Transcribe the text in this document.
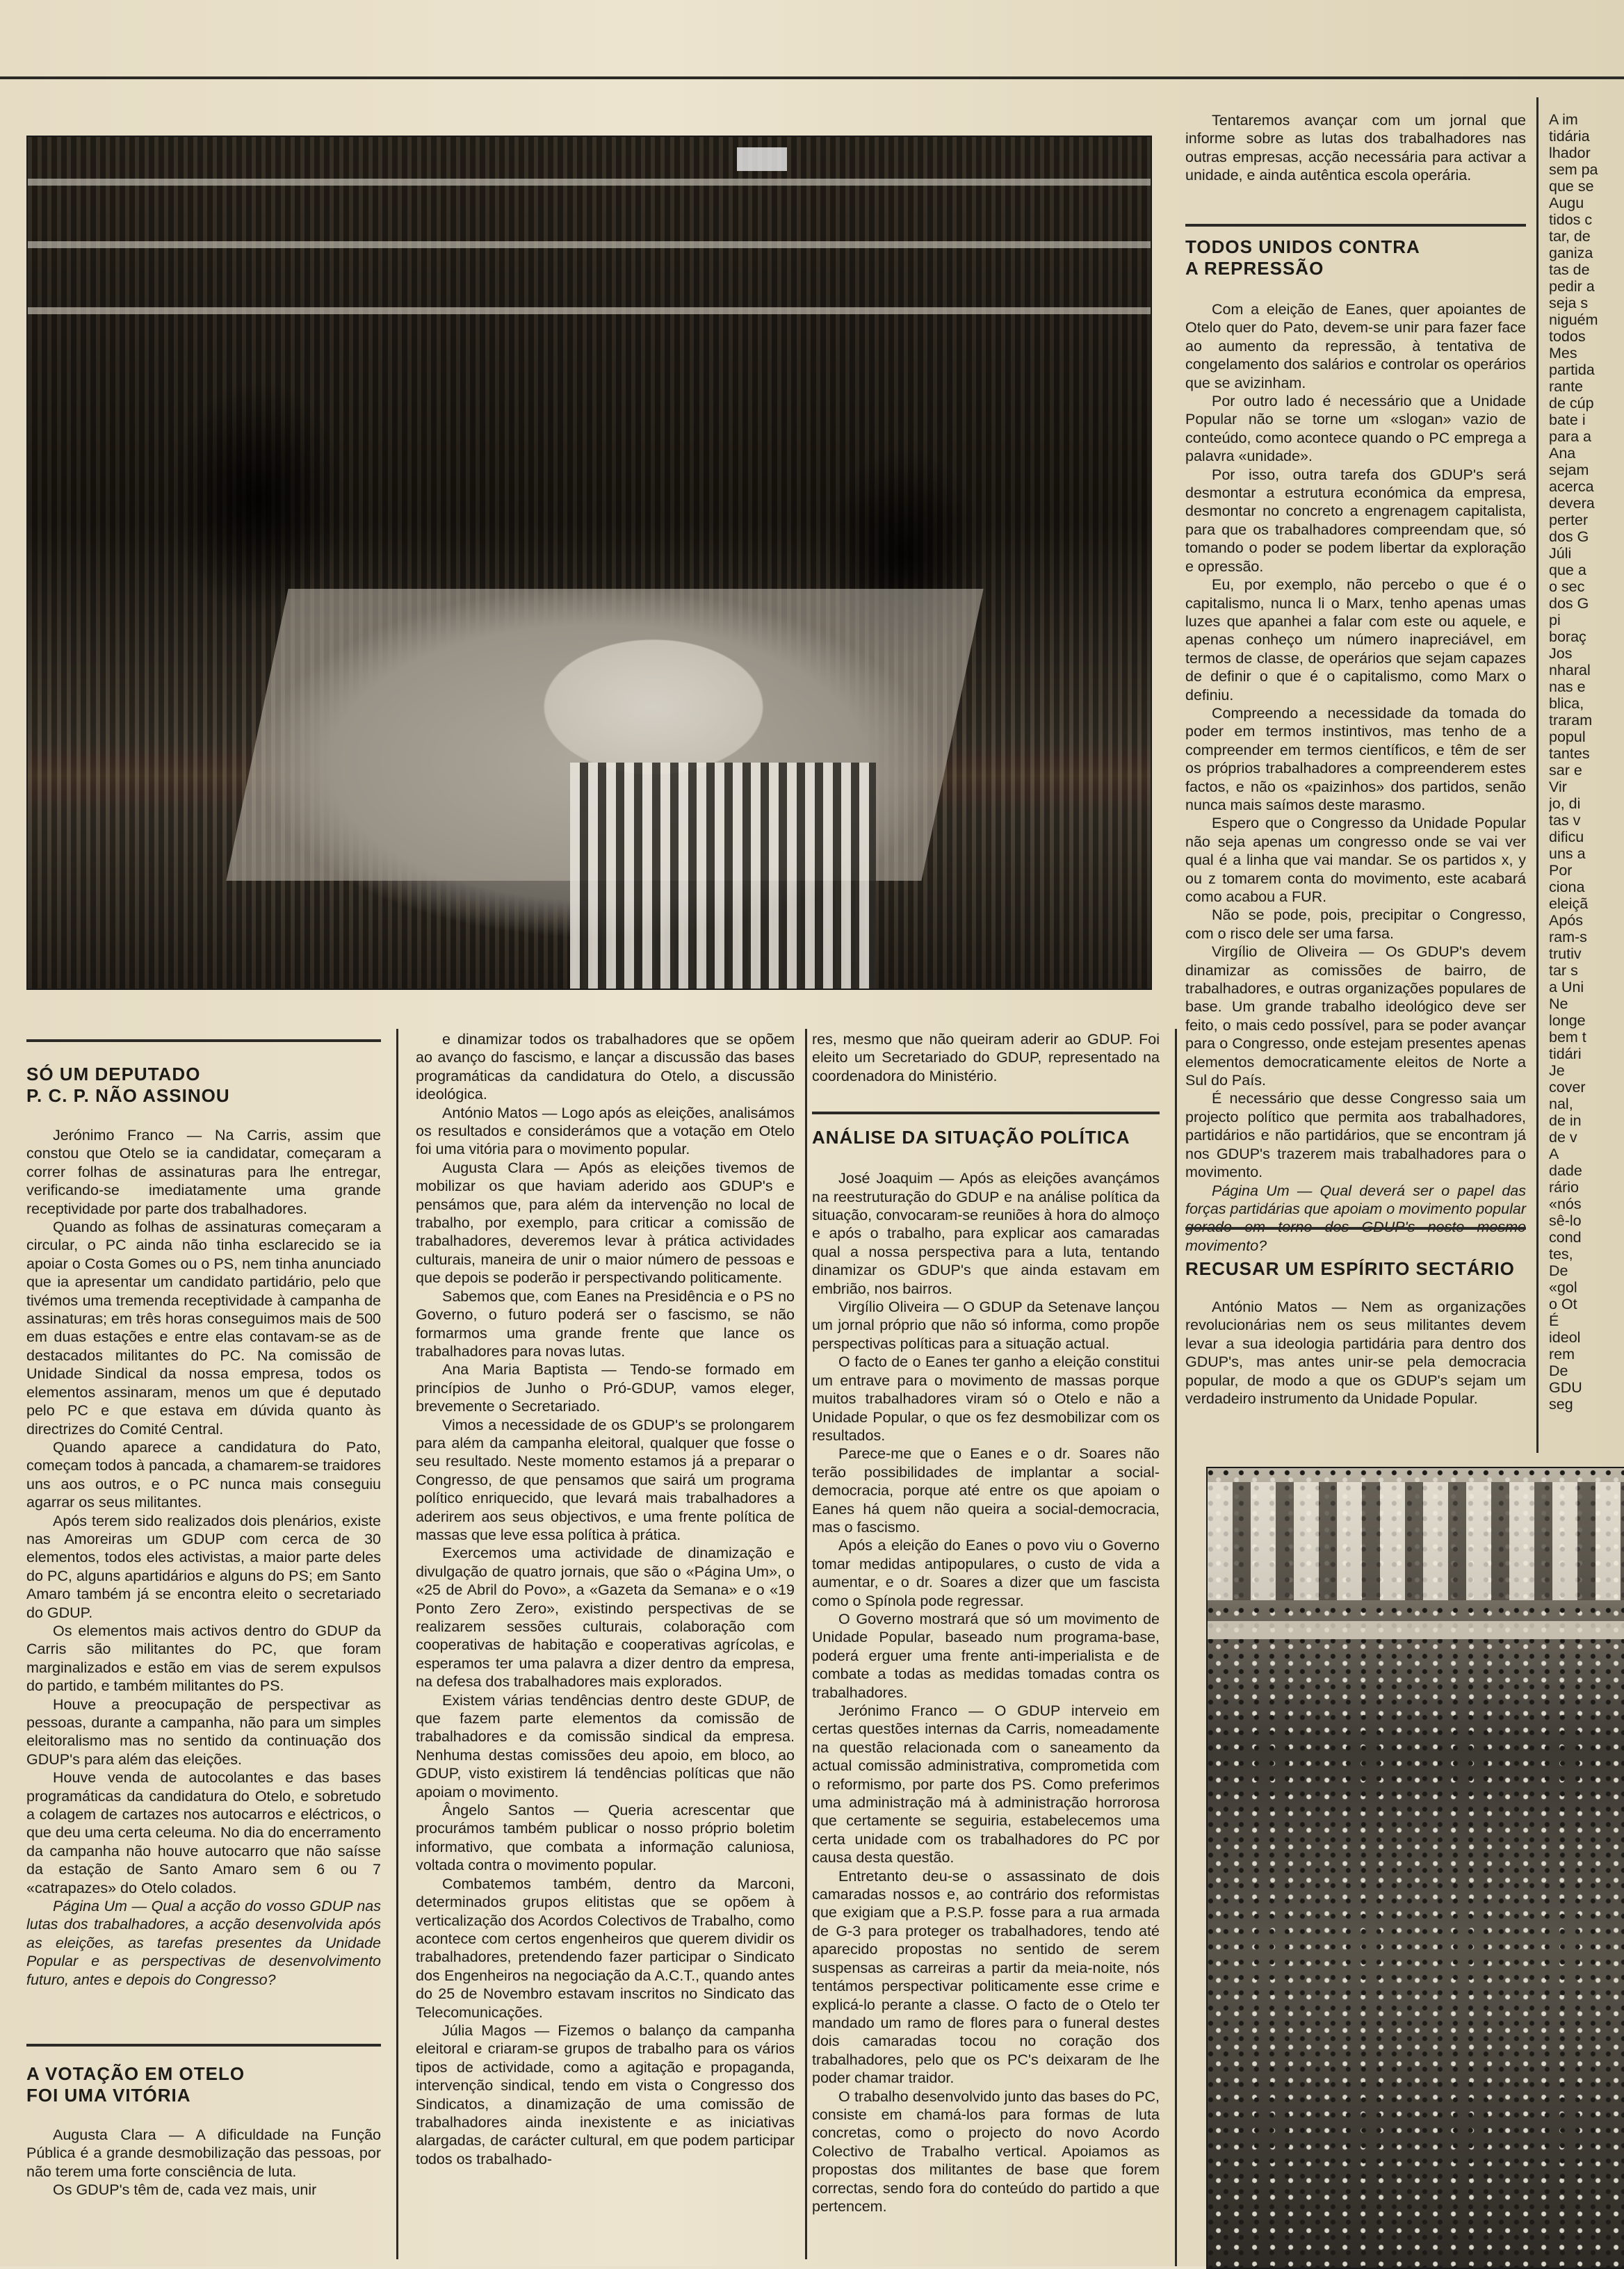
Tentaremos avançar com um jornal que informe sobre as lutas dos trabalhadores nas outras empresas, acção necessária para activar a unidade, e ainda autêntica escola operária.

TODOS UNIDOS CONTRA
A REPRESSÃO

Com a eleição de Eanes, quer apoiantes de Otelo quer do Pato, devem-se unir para fazer face ao aumento da repressão, à tentativa de congelamento dos salários e controlar os operários que se avizinham.

Por outro lado é necessário que a Unidade Popular não se torne um «slogan» vazio de conteúdo, como acontece quando o PC emprega a palavra «unidade».

Por isso, outra tarefa dos GDUP's será desmontar a estrutura económica da empresa, desmontar no concreto a engrenagem capitalista, para que os trabalhadores compreendam que, só tomando o poder se podem libertar da exploração e opressão.

Eu, por exemplo, não percebo o que é o capitalismo, nunca li o Marx, tenho apenas umas luzes que apanhei a falar com este ou aquele, e apenas conheço um número inapreciável, em termos de classe, de operários que sejam capazes de definir o que é o capitalismo, como Marx o definiu.

Compreendo a necessidade da tomada do poder em termos instintivos, mas tenho de a compreender em termos científicos, e têm de ser os próprios trabalhadores a compreenderem estes factos, e não os «paizinhos» dos partidos, senão nunca mais saímos deste marasmo.

Espero que o Congresso da Unidade Popular não seja apenas um congresso onde se vai ver qual é a linha que vai mandar. Se os partidos x, y ou z tomarem conta do movimento, este acabará como acabou a FUR.

Não se pode, pois, precipitar o Congresso, com o risco dele ser uma farsa.

Virgílio de Oliveira — Os GDUP's devem dinamizar as comissões de bairro, de trabalhadores, e outras organizações populares de base. Um grande trabalho ideológico deve ser feito, o mais cedo possível, para se poder avançar para o Congresso, onde estejam presentes apenas elementos democraticamente eleitos de Norte a Sul do País.

É necessário que desse Congresso saia um projecto político que permita aos trabalhadores, partidários e não partidários, que se encontram já nos GDUP's trazerem mais trabalhadores para o movimento.

Página Um — Qual deverá ser o papel das forças partidárias que apoiam o movimento popular movimento?

RECUSAR UM ESPÍRITO SECTÁRIO

António Matos — Nem as organizações revolucionárias nem os seus militantes devem levar a sua ideologia partidária para dentro dos GDUP's, mas antes unir-se pela democracia popular, de modo a que os GDUP's sejam um verdadeiro instrumento da Unidade Popular.

SÓ UM DEPUTADO
P. C. P. NÃO ASSINOU

Jerónimo Franco — Na Carris, assim que constou que Otelo se ia candidatar, começaram a correr folhas de assinaturas para lhe entregar, verificando-se imediatamente uma grande receptividade por parte dos trabalhadores.

Quando as folhas de assinaturas começaram a circular, o PC ainda não tinha esclarecido se ia apoiar o Costa Gomes ou o PS, nem tinha anunciado que ia apresentar um candidato partidário, pelo que tivémos uma tremenda receptividade à campanha de assinaturas; em três horas conseguimos mais de 500 em duas estações e entre elas contavam-se as de destacados militantes do PC. Na comissão de Unidade Sindical da nossa empresa, todos os elementos assinaram, menos um que é deputado pelo PC e que estava em dúvida quanto às directrizes do Comité Central.

Quando aparece a candidatura do Pato, começam todos à pancada, a chamarem-se traidores uns aos outros, e o PC nunca mais conseguiu agarrar os seus militantes.

Após terem sido realizados dois plenários, existe nas Amoreiras um GDUP com cerca de 30 elementos, todos eles activistas, a maior parte deles do PC, alguns apartidários e alguns do PS; em Santo Amaro também já se encontra eleito o secretariado do GDUP.

Os elementos mais activos dentro do GDUP da Carris são militantes do PC, que foram marginalizados e estão em vias de serem expulsos do partido, e também militantes do PS.

Houve a preocupação de perspectivar as pessoas, durante a campanha, não para um simples eleitoralismo mas no sentido da continuação dos GDUP's para além das eleições.

Houve venda de autocolantes e das bases programáticas da candidatura do Otelo, e sobretudo a colagem de cartazes nos autocarros e eléctricos, o que deu uma certa celeuma. No dia do encerramento da campanha não houve autocarro que não saísse da estação de Santo Amaro sem 6 ou 7 «catrapazes» do Otelo colados.

Página Um — Qual a acção do vosso GDUP nas lutas dos trabalhadores, a acção desenvolvida após as eleições, as tarefas presentes da Unidade Popular e as perspectivas de desenvolvimento futuro, antes e depois do Congresso?

A VOTAÇÃO EM OTELO
FOI UMA VITÓRIA

Augusta Clara — A dificuldade na Função Pública é a grande desmobilização das pessoas, por não terem uma forte consciência de luta.

Os GDUP's têm de, cada vez mais, unir

e dinamizar todos os trabalhadores que se opõem ao avanço do fascismo, e lançar a discussão das bases programáticas da candidatura do Otelo, a discussão ideológica.

António Matos — Logo após as eleições, analisámos os resultados e considerámos que a votação em Otelo foi uma vitória para o movimento popular.

Augusta Clara — Após as eleições tivemos de mobilizar os que haviam aderido aos GDUP's e pensámos que, para além da intervenção no local de trabalho, por exemplo, para criticar a comissão de trabalhadores, deveremos levar à prática actividades culturais, maneira de unir o maior número de pessoas e que depois se poderão ir perspectivando politicamente.

Sabemos que, com Eanes na Presidência e o PS no Governo, o futuro poderá ser o fascismo, se não formarmos uma grande frente que lance os trabalhadores para novas lutas.

Ana Maria Baptista — Tendo-se formado em princípios de Junho o Pró-GDUP, vamos eleger, brevemente o Secretariado.

Vimos a necessidade de os GDUP's se prolongarem para além da campanha eleitoral, qualquer que fosse o seu resultado. Neste momento estamos já a preparar o Congresso, de que pensamos que sairá um programa político enriquecido, que levará mais trabalhadores a aderirem aos seus objectivos, e uma frente política de massas que leve essa política à prática.

Exercemos uma actividade de dinamização e divulgação de quatro jornais, que são o «Página Um», o «25 de Abril do Povo», a «Gazeta da Semana» e o «19 Ponto Zero Zero», existindo perspectivas de se realizarem sessões culturais, colaboração com cooperativas de habitação e cooperativas agrícolas, e esperamos ter uma palavra a dizer dentro da empresa, na defesa dos trabalhadores mais explorados.

Existem várias tendências dentro deste GDUP, de que fazem parte elementos da comissão de trabalhadores e da comissão sindical da empresa. Nenhuma destas comissões deu apoio, em bloco, ao GDUP, visto existirem lá tendências políticas que não apoiam o movimento.

Ângelo Santos — Queria acrescentar que procurámos também publicar o nosso próprio boletim informativo, que combata a informação caluniosa, voltada contra o movimento popular.

Combatemos também, dentro da Marconi, determinados grupos elitistas que se opõem à verticalização dos Acordos Colectivos de Trabalho, como acontece com certos engenheiros que querem dividir os trabalhadores, pretendendo fazer participar o Sindicato dos Engenheiros na negociação da A.C.T., quando antes do 25 de Novembro estavam inscritos no Sindicato das Telecomunicações.

Júlia Magos — Fizemos o balanço da campanha eleitoral e criaram-se grupos de trabalho para os vários tipos de actividade, como a agitação e propaganda, intervenção sindical, tendo em vista o Congresso dos Sindicatos, a dinamização de uma comissão de trabalhadores ainda inexistente e as iniciativas alargadas, de carácter cultural, em que podem participar todos os trabalhado-

res, mesmo que não queiram aderir ao GDUP. Foi eleito um Secretariado do GDUP, representado na coordenadora do Ministério.

ANÁLISE DA SITUAÇÃO POLÍTICA

José Joaquim — Após as eleições avançámos na reestruturação do GDUP e na análise política da situação, convocaram-se reuniões à hora do almoço e após o trabalho, para explicar aos camaradas qual a nossa perspectiva para a luta, tentando dinamizar os GDUP's que ainda estavam em embrião, nos bairros.

Virgílio Oliveira — O GDUP da Setenave lançou um jornal próprio que não só informa, como propõe perspectivas políticas para a situação actual.

O facto de o Eanes ter ganho a eleição constitui um entrave para o movimento de massas porque muitos trabalhadores viram só o Otelo e não a Unidade Popular, o que os fez desmobilizar com os resultados.

Parece-me que o Eanes e o dr. Soares não terão possibilidades de implantar a social-democracia, porque até entre os que apoiam o Eanes há quem não queira a social-democracia, mas o fascismo.

Após a eleição do Eanes o povo viu o Governo tomar medidas antipopulares, o custo de vida a aumentar, e o dr. Soares a dizer que um fascista como o Spínola pode regressar.

O Governo mostrará que só um movimento de Unidade Popular, baseado num programa-base, poderá erguer uma frente anti-imperialista e de combate a todas as medidas tomadas contra os trabalhadores.

Jerónimo Franco — O GDUP interveio em certas questões internas da Carris, nomeadamente na questão relacionada com o saneamento da actual comissão administrativa, comprometida com o reformismo, por parte dos PS. Como preferimos uma administração má à administração horrorosa que certamente se seguiria, estabelecemos uma certa unidade com os trabalhadores do PC por causa desta questão.

Entretanto deu-se o assassinato de dois camaradas nossos e, ao contrário dos reformistas que exigiam que a P.S.P. fosse para a rua armada de G-3 para proteger os trabalhadores, tendo até aparecido propostas no sentido de serem suspensas as carreiras a partir da meia-noite, nós tentámos perspectivar politicamente esse crime e explicá-lo perante a classe. O facto de o Otelo ter mandado um ramo de flores para o funeral destes dois camaradas tocou no coração dos trabalhadores, pelo que os PC's deixaram de lhe poder chamar traidor.

O trabalho desenvolvido junto das bases do PC, consiste em chamá-los para formas de luta concretas, como o projecto do novo Acordo Colectivo de Trabalho vertical. Apoiamos as propostas dos militantes de base que forem correctas, sendo fora do conteúdo do partido a que pertencem.

A im
tidária
lhador
sem pa
que se
Augu
tidos c
tar, de
ganiza
tas de
pedir a
seja s
niguém
todos
Mes
partida
rante
de cúp
bate i
para a
Ana
sejam
acerca
devera
perter
dos G
Júli
que a
o sec
dos G
pi
boraç
Jos
nharal
nas e
blica,
traram
popul
tantes
sar e
Vir
jo, di
tas v
dificu
uns a
Por
ciona
eleiçã
Após
ram-s
trutiv
tar s
a Uni
Ne
longe
bem t
tidári
Je
cover
nal,
de in
de v
A
dade
rário
«nós
sê-lo
cond
tes,
De
«gol
o Ot
É
ideol
rem
De
GDU
seg
